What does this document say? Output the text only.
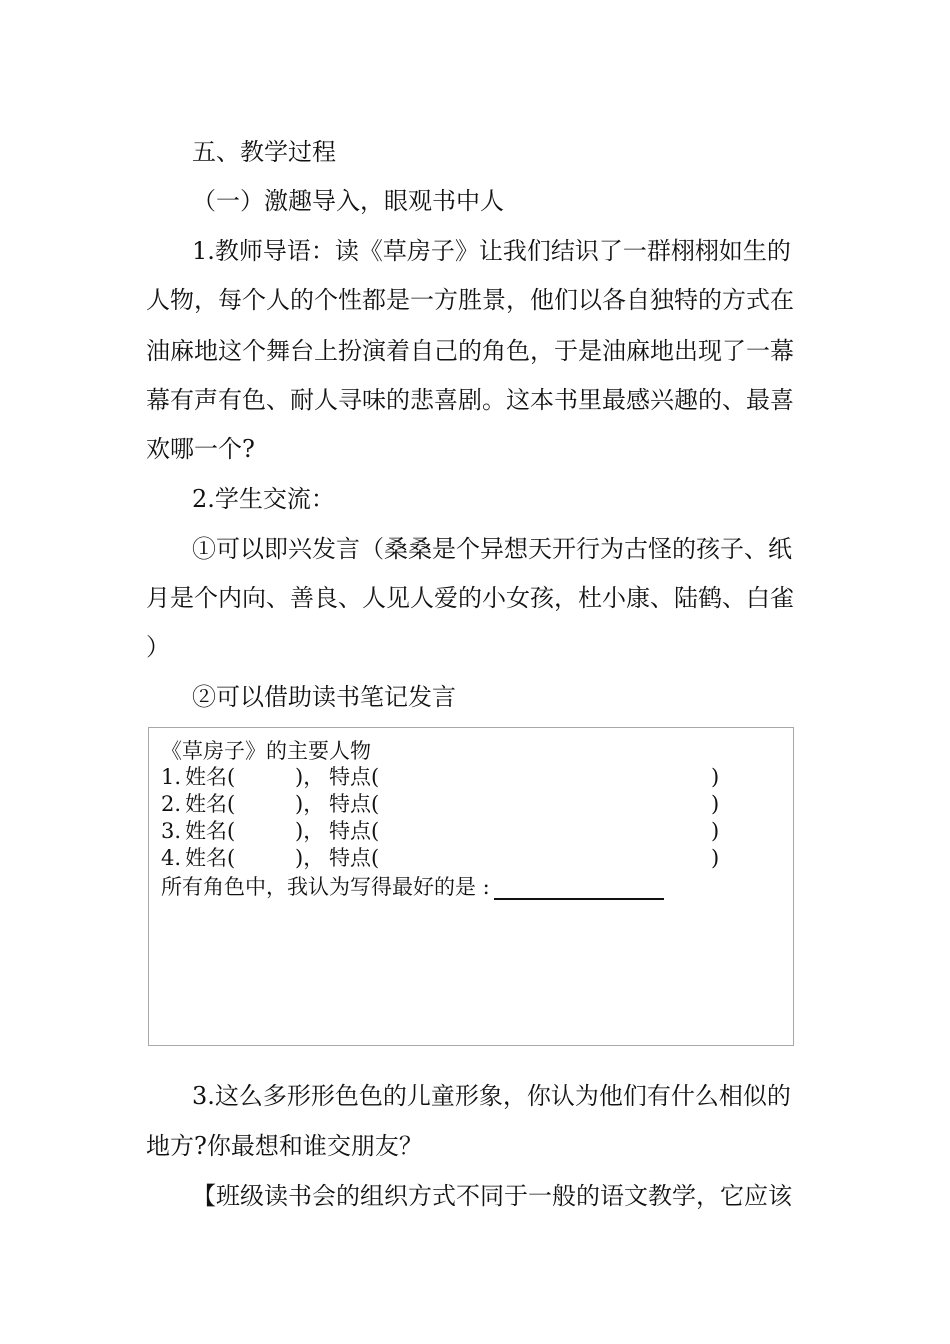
五、教学过程
（一）激趣导入，眼观书中人
1.教师导语：读《草房子》让我们结识了一群栩栩如生的
人物，每个人的个性都是一方胜景，他们以各自独特的方式在
油麻地这个舞台上扮演着自己的角色，于是油麻地出现了一幕
幕有声有色、耐人寻味的悲喜剧。这本书里最感兴趣的、最喜
欢哪一个?
2.学生交流：
①可以即兴发言（桑桑是个异想天开行为古怪的孩子、纸
月是个内向、善良、人见人爱的小女孩，杜小康、陆鹤、白雀
）
②可以借助读书笔记发言
《草房子》的主要人物
1. 姓名(	)， 特点(	)
2. 姓名(	)， 特点(	)
3. 姓名(	)， 特点(	)
4. 姓名(	)， 特点(	)
所有角色中，我认为写得最好的是 :
3.这么多形形色色的儿童形象，你认为他们有什么相似的
地方?你最想和谁交朋友？
【班级读书会的组织方式不同于一般的语文教学，它应该
